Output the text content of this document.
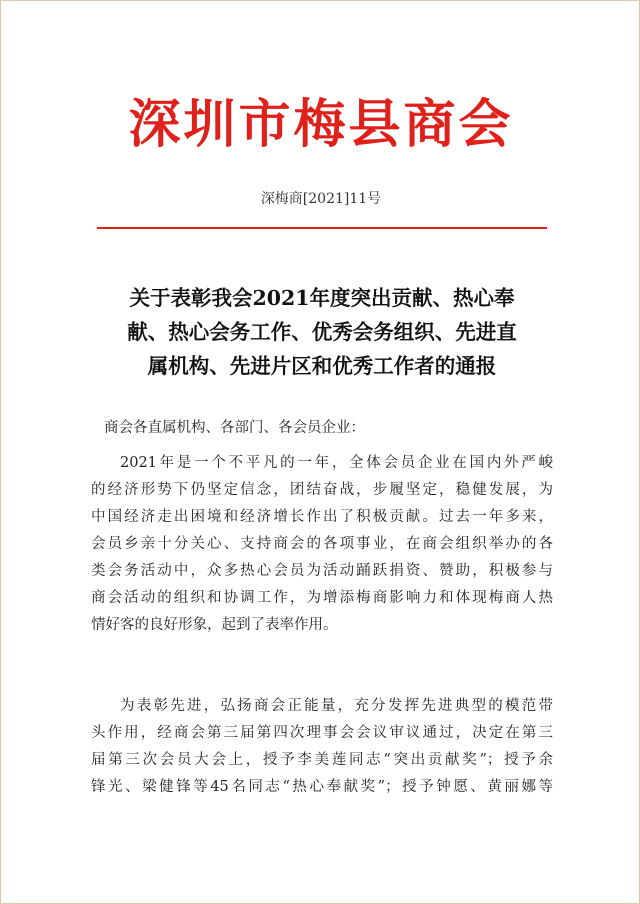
深圳市梅县商会
深梅商[2021]11号
关于表彰我会2021年度突出贡献、热心奉
献、热心会务工作、优秀会务组织、先进直
属机构、先进片区和优秀工作者的通报
商会各直属机构、各部门、各会员企业：
2021年是一个不平凡的一年，全体会员企业在国内外严峻
的经济形势下仍坚定信念，团结奋战，步履坚定，稳健发展，为
中国经济走出困境和经济增长作出了积极贡献。过去一年多来，
会员乡亲十分关心、支持商会的各项事业，在商会组织举办的各
类会务活动中，众多热心会员为活动踊跃捐资、赞助，积极参与
商会活动的组织和协调工作，为增添梅商影响力和体现梅商人热
情好客的良好形象，起到了表率作用。
为表彰先进，弘扬商会正能量，充分发挥先进典型的模范带
头作用，经商会第三届第四次理事会会议审议通过，决定在第三
届第三次会员大会上，授予李美莲同志“突出贡献奖”；授予余
锋光、梁健锋等45名同志“热心奉献奖”；授予钟愿、黄丽娜等
